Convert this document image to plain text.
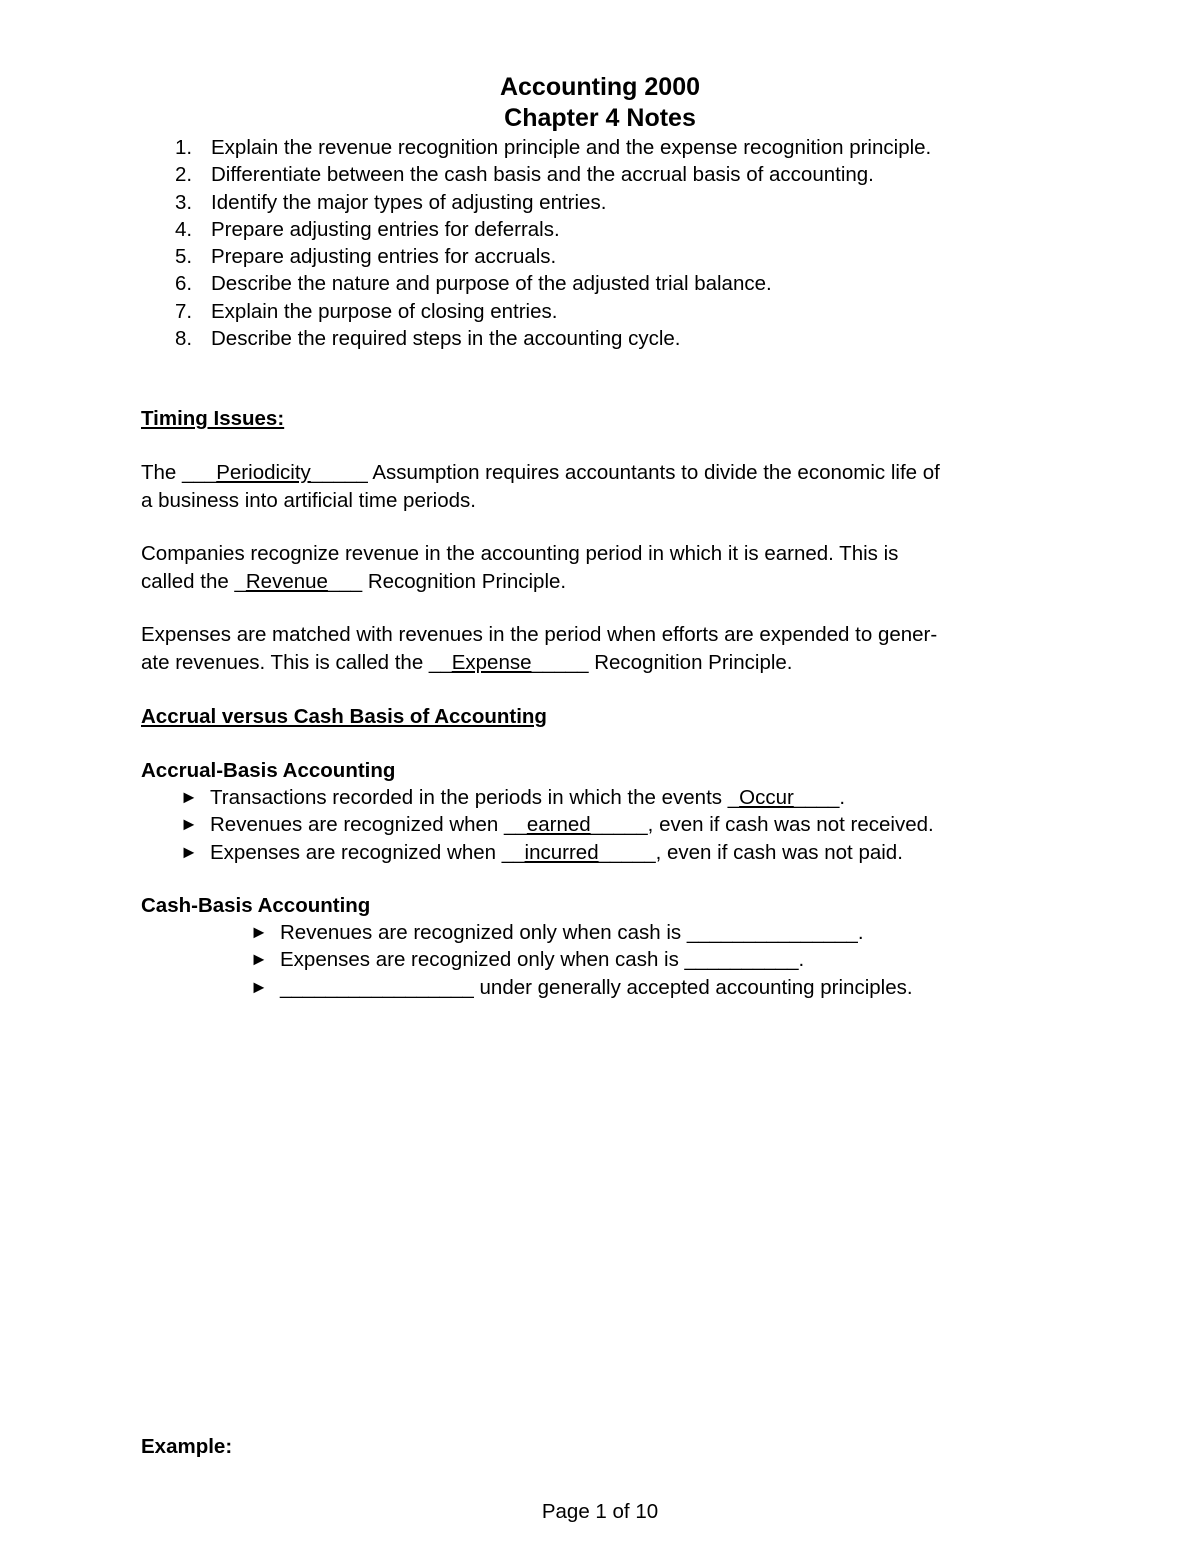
Accounting 2000
Chapter 4 Notes
1. Explain the revenue recognition principle and the expense recognition principle.
2. Differentiate between the cash basis and the accrual basis of accounting.
3. Identify the major types of adjusting entries.
4. Prepare adjusting entries for deferrals.
5. Prepare adjusting entries for accruals.
6. Describe the nature and purpose of the adjusted trial balance.
7. Explain the purpose of closing entries.
8. Describe the required steps in the accounting cycle.
Timing Issues:
The ___Periodicity_____ Assumption requires accountants to divide the economic life of
a business into artificial time periods.
Companies recognize revenue in the accounting period in which it is earned. This is
called the _Revenue___ Recognition Principle.
Expenses are matched with revenues in the period when efforts are expended to gener-
ate revenues. This is called the __Expense_____ Recognition Principle.
Accrual versus Cash Basis of Accounting
Accrual-Basis Accounting
► Transactions recorded in the periods in which the events _ Occur ____.
► Revenues are recognized when __ earned _____, even if cash was not received.
► Expenses are recognized when __ incurred _____, even if cash was not paid.
Cash-Basis Accounting
► Revenues are recognized only when cash is _______________.
► Expenses are recognized only when cash is __________.
► _________________ under generally accepted accounting principles.
Example:
Page 1 of 10
